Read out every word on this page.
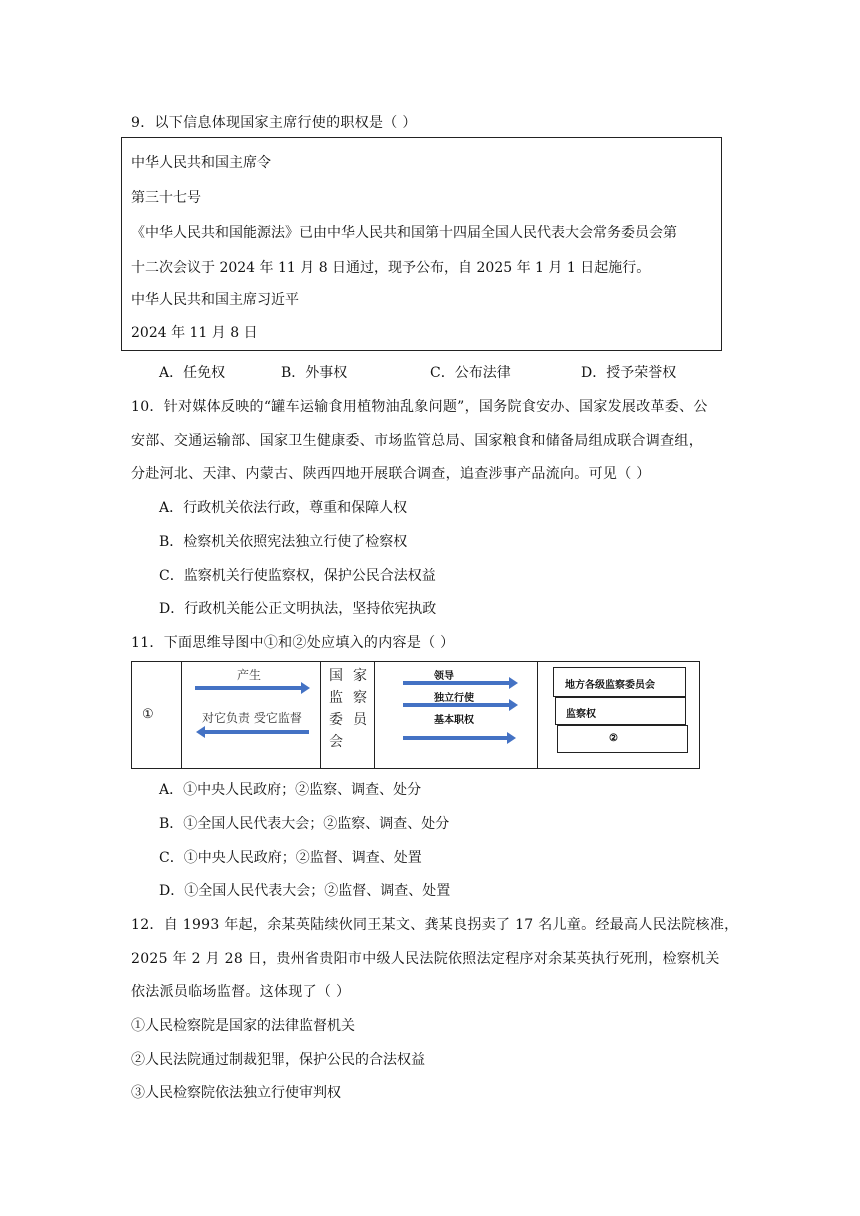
9．以下信息体现国家主席行使的职权是（ ）
中华人民共和国主席令
第三十七号
《中华人民共和国能源法》已由中华人民共和国第十四届全国人民代表大会常务委员会第
十二次会议于 2024 年 11 月 8 日通过，现予公布，自 2025 年 1 月 1 日起施行。
中华人民共和国主席习近平
2024 年 11 月 8 日
A．任免权	B．外事权	C．公布法律	D．授予荣誉权
10．针对媒体反映的“罐车运输食用植物油乱象问题”，国务院食安办、国家发展改革委、公
安部、交通运输部、国家卫生健康委、市场监管总局、国家粮食和储备局组成联合调查组，
分赴河北、天津、内蒙古、陕西四地开展联合调查，追查涉事产品流向。可见（ ）
A．行政机关依法行政，尊重和保障人权
B．检察机关依照宪法独立行使了检察权
C．监察机关行使监察权，保护公民合法权益
D．行政机关能公正文明执法，坚持依宪执政
11．下面思维导图中①和②处应填入的内容是（ ）
①
产生
对它负责 受它监督
国 家
监 察
委 员
会
领导
独立行使
基本职权
地方各级监察委员会
监察权
②
A．①中央人民政府；②监察、调查、处分
B．①全国人民代表大会；②监察、调查、处分
C．①中央人民政府；②监督、调查、处置
D．①全国人民代表大会；②监督、调查、处置
12．自 1993 年起，余某英陆续伙同王某文、龚某良拐卖了 17 名儿童。经最高人民法院核准，
2025 年 2 月 28 日，贵州省贵阳市中级人民法院依照法定程序对余某英执行死刑，检察机关
依法派员临场监督。这体现了（ ）
①人民检察院是国家的法律监督机关
②人民法院通过制裁犯罪，保护公民的合法权益
③人民检察院依法独立行使审判权
